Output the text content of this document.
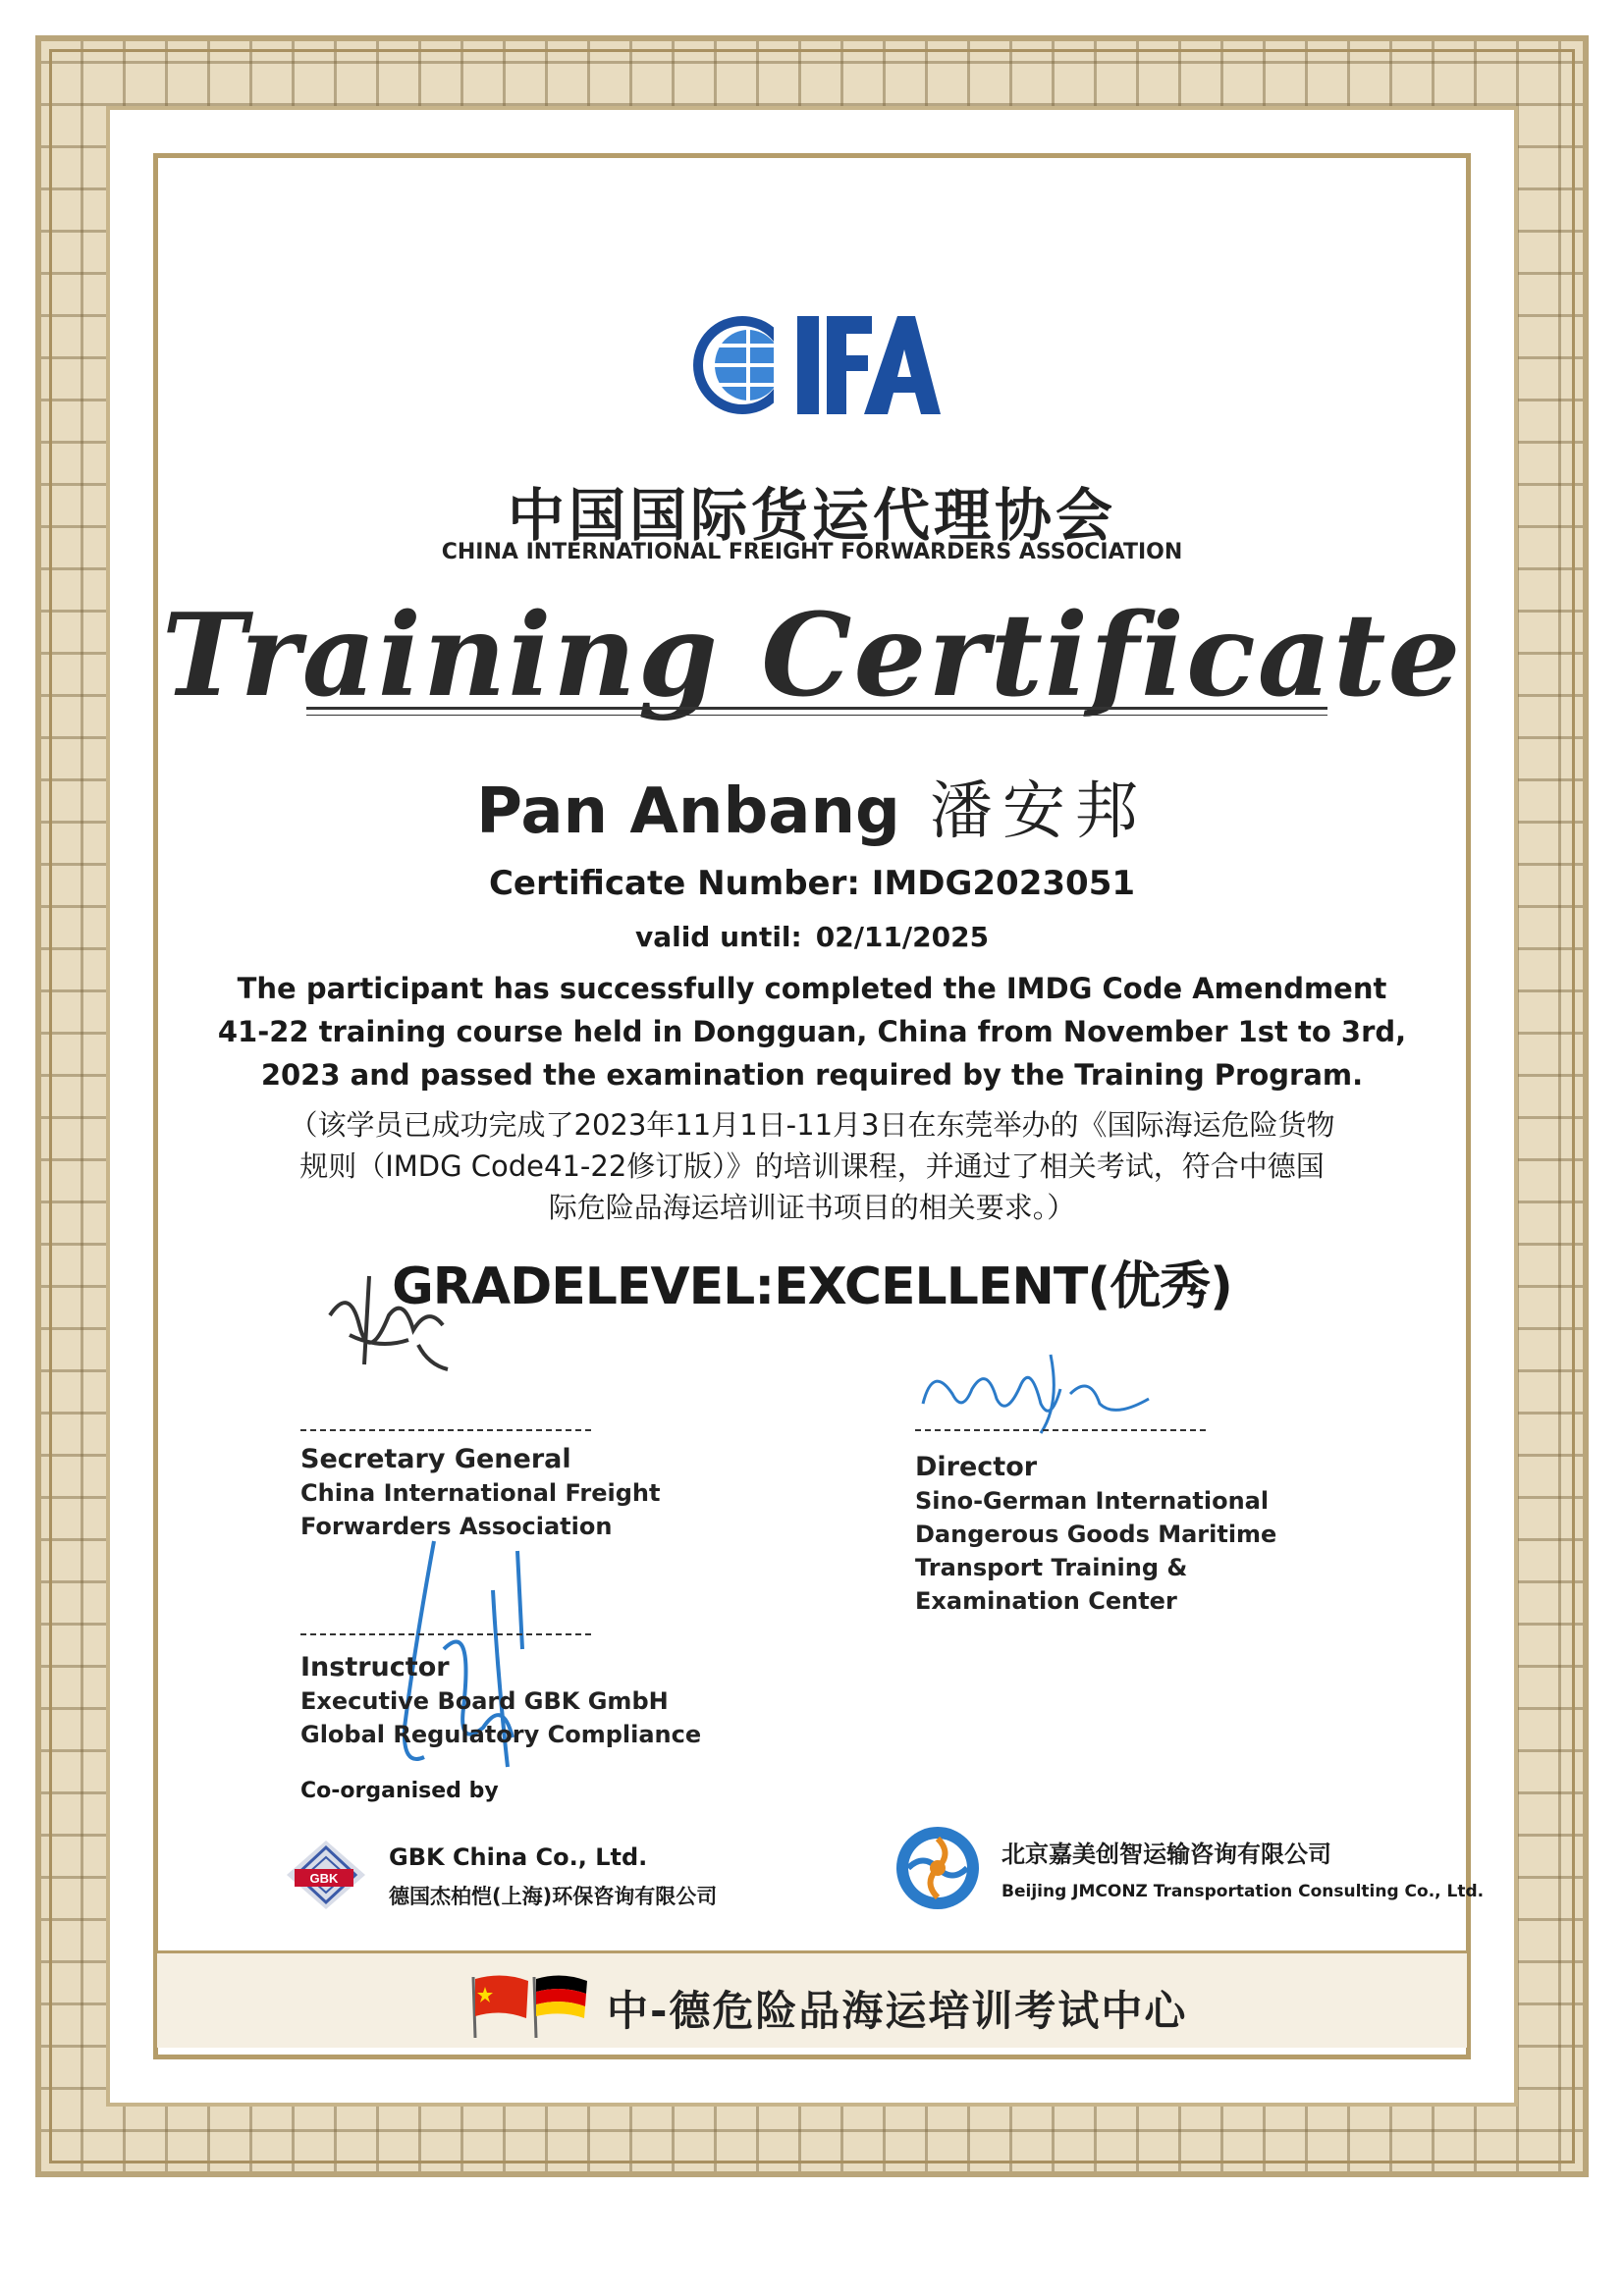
中国国际货运代理协会
CHINA INTERNATIONAL FREIGHT FORWARDERS ASSOCIATION
Training Certificate
Pan Anbang 潘安邦
Certificate Number: IMDG2023051
valid until: 02/11/2025
The participant has successfully completed the IMDG Code Amendment
41-22 training course held in Dongguan, China from November 1st to 3rd,
2023 and passed the examination required by the Training Program.
（该学员已成功完成了2023年11月1日-11月3日在东莞举办的《国际海运危险货物
规则（IMDG Code41-22修订版）》的培训课程，并通过了相关考试，符合中德国
际危险品海运培训证书项目的相关要求。）
GRADELEVEL:EXCELLENT(优秀)
Secretary General
China International Freight
Forwarders Association
Director
Sino-German International
Dangerous Goods Maritime
Transport Training &
Examination Center
Instructor
Executive Board GBK GmbH
Global Regulatory Compliance
Co-organised by
GBK
GBK China Co., Ltd.
德国杰柏恺(上海)环保咨询有限公司
北京嘉美创智运输咨询有限公司
Beijing JMCONZ Transportation Consulting Co., Ltd.
中-德危险品海运培训考试中心
